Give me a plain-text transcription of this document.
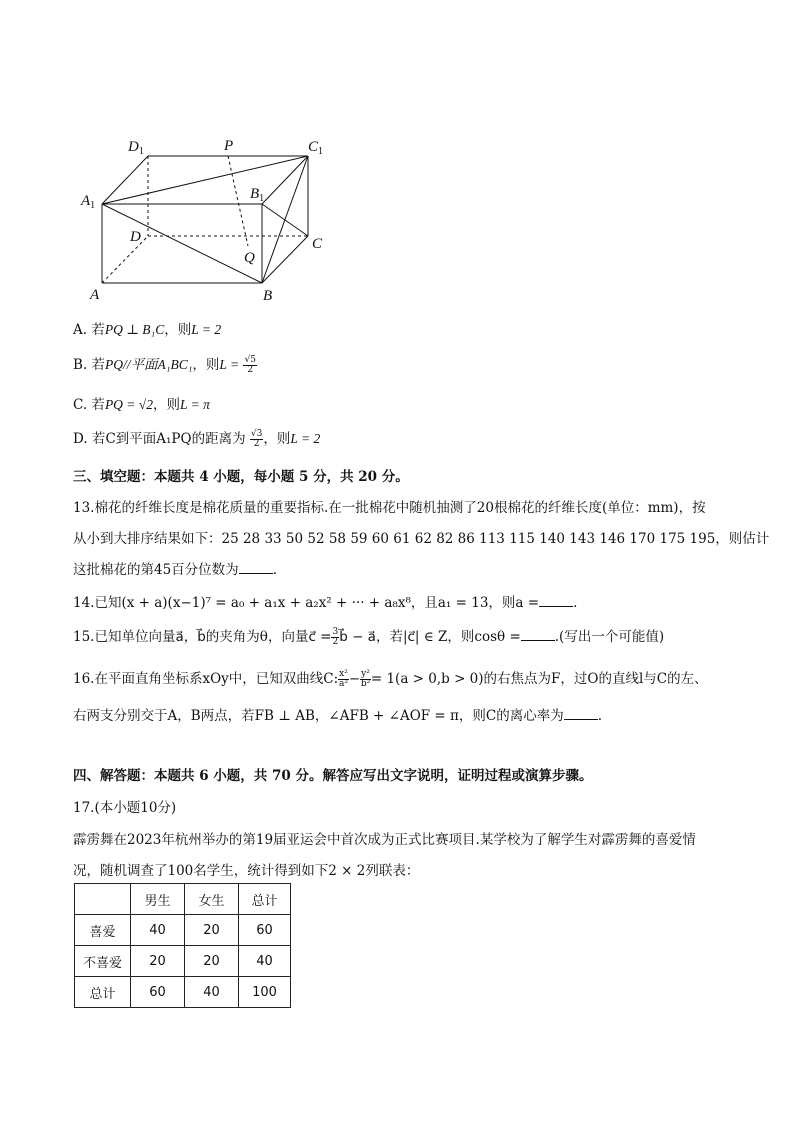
$D_1$	P	$C_1$
$A_1$
$B_1$
D	C
Q
A	B
A. 若PQ ⊥ B₁C，则L = 2
B. 若PQ//平面A₁BC₁，则$L = \frac{√5}{2}$
C. 若PQ = √2，则L = π
D. 若C到平面A₁PQ的距离为 $\frac{√3}{2}$ ，则L = 2
三、填空题：本题共 4 小题，每小题 5 分，共 20 分。
13.棉花的纤维长度是棉花质量的重要指标.在一批棉花中随机抽测了20根棉花的纤维长度(单位：mm)，按
从小到大排序结果如下：25 28 33 50 52 58 59 60 61 62 82 86 113 115 140 143 146 170 175 195，则估计
这批棉花的第45百分位数为	.
14.已知(x + a)(x−1)⁷ = a₀ + a₁x + a₂x² + ··· + a₈x⁸，且a₁ = 13，则a =	.
15.已知单位向量a⃗，b⃗的夹角为θ，向量c⃗ = $\frac{3}{2}$ b⃗ − a⃗，若|c⃗| ∈ Z，则cosθ =	.(写出一个可能值)
16.在平面直角坐标系xOy中，已知双曲线C: $\frac{\text{x²}}{\text{a²}} - \frac{\text{y²}}{\text{b²}} = 1(a > 0,b > 0)$的右焦点为F，过O的直线l与C的左、
右两支分别交于A，B两点，若FB ⊥ AB，∠AFB + ∠AOF = π，则C的离心率为	.
四、解答题：本题共 6 小题，共 70 分。解答应写出文字说明，证明过程或演算步骤。
17.(本小题10分)
霹雳舞在2023年杭州举办的第19届亚运会中首次成为正式比赛项目.某学校为了解学生对霹雳舞的喜爱情
况，随机调查了100名学生，统计得到如下2 × 2列联表：
	男生	女生	总计
喜爱	40	20	60
不喜爱	20	20	40
总计	60	40	100
